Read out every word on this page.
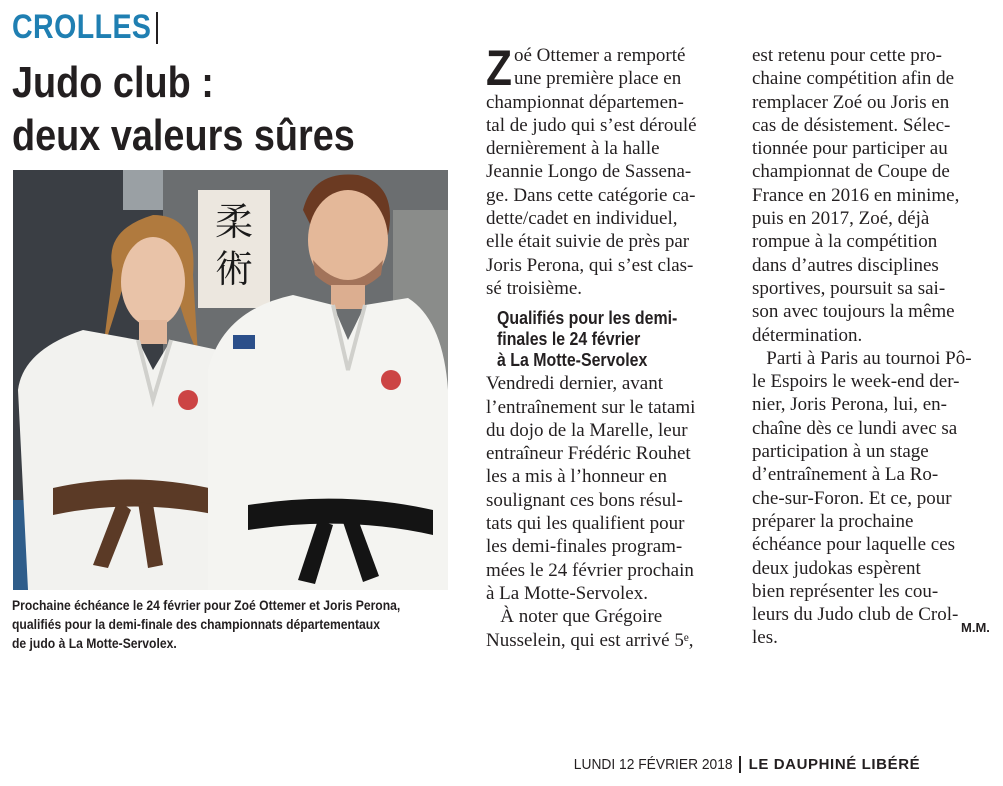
CROLLES
Judo club :
deux valeurs sûres
柔
術
Prochaine échéance le 24 février pour Zoé Ottemer et Joris Perona,
qualifiés pour la demi-finale des championnats départementaux
de judo à La Motte-Servolex.
Z oé Ottemer a remporté
une première place en
championnat départemen-
tal de judo qui s’est déroulé
dernièrement à la halle
Jeannie Longo de Sassena-
ge. Dans cette catégorie ca-
dette/cadet en individuel,
elle était suivie de près par
Joris Perona, qui s’est clas-
sé troisième.
Vendredi dernier, avant
l’entraînement sur le tatami
du dojo de la Marelle, leur
entraîneur Frédéric Rouhet
les a mis à l’honneur en
soulignant ces bons résul-
tats qui les qualifient pour
les demi-finales program-
mées le 24 février prochain
à La Motte-Servolex.
À noter que Grégoire
Nusselein, qui est arrivé 5ᵉ,
Qualifiés pour les demi-
finales le 24 février
à La Motte-Servolex
est retenu pour cette pro-
chaine compétition afin de
remplacer Zoé ou Joris en
cas de désistement. Sélec-
tionnée pour participer au
championnat de Coupe de
France en 2016 en minime,
puis en 2017, Zoé, déjà
rompue à la compétition
dans d’autres disciplines
sportives, poursuit sa sai-
son avec toujours la même
détermination.
Parti à Paris au tournoi Pô-
le Espoirs le week-end der-
nier, Joris Perona, lui, en-
chaîne dès ce lundi avec sa
participation à un stage
d’entraînement à La Ro-
che-sur-Foron. Et ce, pour
préparer la prochaine
échéance pour laquelle ces
deux judokas espèrent
bien représenter les cou-
leurs du Judo club de Crol-
les.	M.M.
LUNDI 12 FÉVRIER 2018 LE DAUPHINÉ LIBÉRÉ
